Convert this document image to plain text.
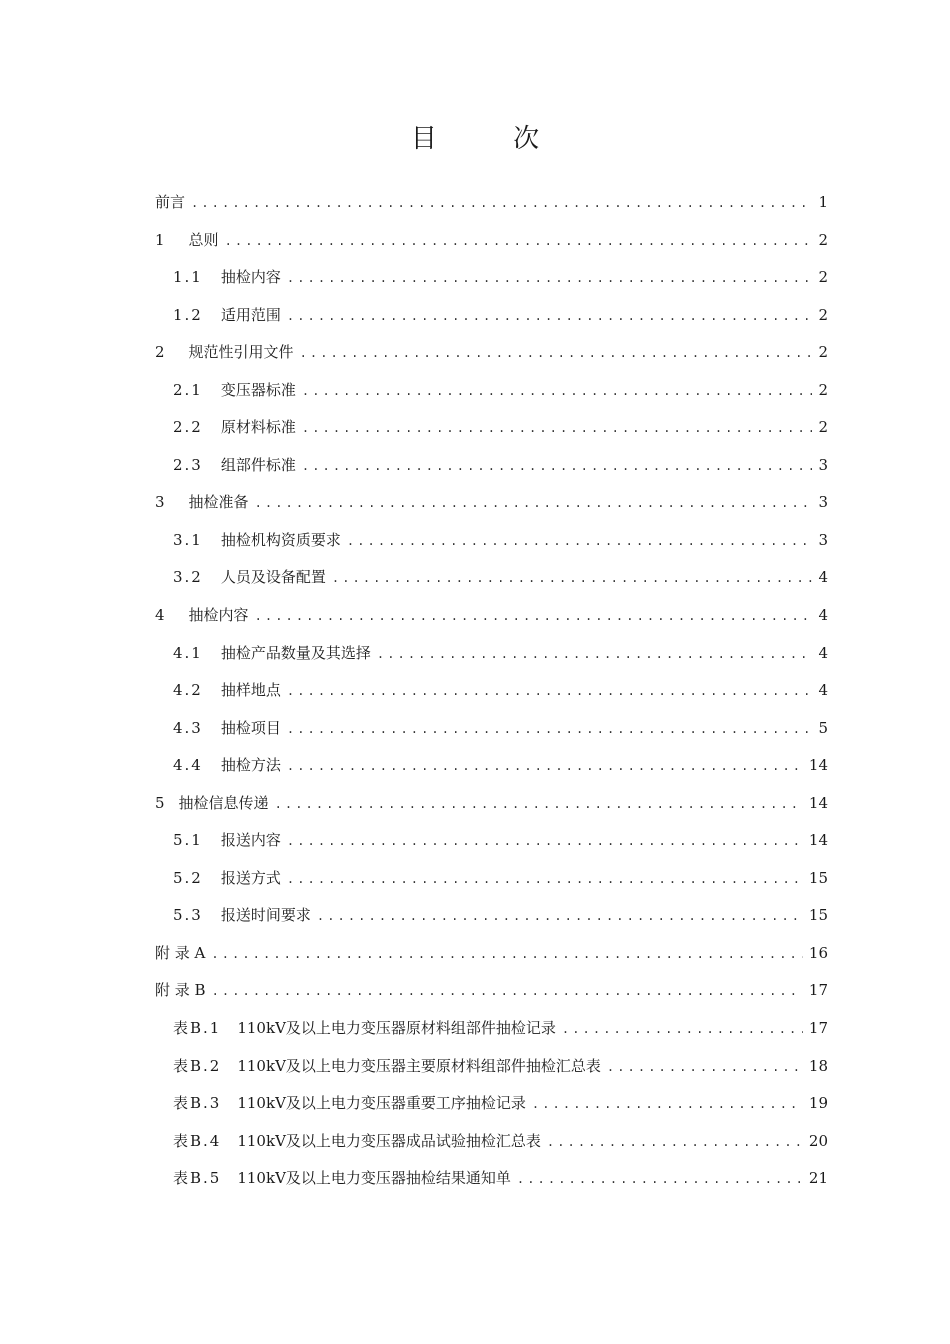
目 次
前言 .....	1
1 总则 .....	2
1.1 抽检内容 .....	2
1.2 适用范围 .....	2
2 规范性引用文件 .....	2
2.1 变压器标准 .....	2
2.2 原材料标准 .....	2
2.3 组部件标准 .....	3
3 抽检准备 .....	3
3.1 抽检机构资质要求 .....	3
3.2 人员及设备配置 .....	4
4 抽检内容 .....	4
4.1 抽检产品数量及其选择 .....	4
4.2 抽样地点 .....	4
4.3 抽检项目 .....	5
4.4 抽检方法 .....	14
5 抽检信息传递 .....	14
5.1 报送内容 .....	14
5.2 报送方式 .....	15
5.3 报送时间要求 .....	15
附 录 A .....	16
附 录 B .....	17
表B.1 110kV及以上电力变压器原材料组部件抽检记录 .....	17
表B.2 110kV及以上电力变压器主要原材料组部件抽检汇总表 .....	18
表B.3 110kV及以上电力变压器重要工序抽检记录 .....	19
表B.4 110kV及以上电力变压器成品试验抽检汇总表 .....	20
表B.5 110kV及以上电力变压器抽检结果通知单 .....	21
